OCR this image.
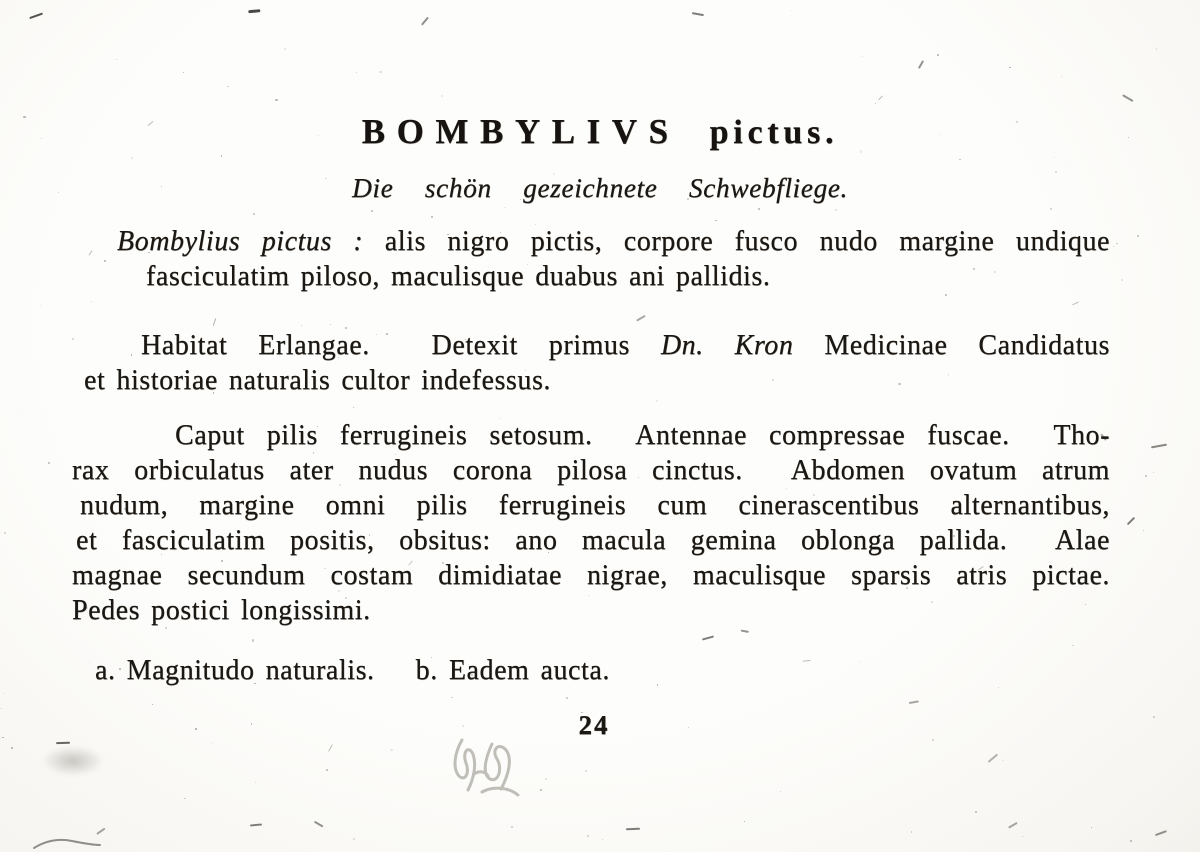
BOMBYLIVS pictus.
Die schön gezeichnete Schwebfliege.
Bombylius pictus : alis nigro pictis, corpore fusco nudo margine undique
fasciculatim piloso, maculisque duabus ani pallidis.
Habitat Erlangae.  Detexit primus Dn. Kron Medicinae Candidatus
et historiae naturalis cultor indefessus.
Caput pilis ferrugineis setosum.  Antennae compressae fuscae.  Tho-
rax orbiculatus ater nudus corona pilosa cinctus.  Abdomen ovatum atrum
nudum, margine omni pilis ferrugineis cum cinerascentibus alternantibus,
et fasciculatim positis, obsitus: ano macula gemina oblonga pallida.  Alae
magnae secundum costam dimidiatae nigrae, maculisque sparsis atris pictae.
Pedes postici longissimi.
a. Magnitudo naturalis. b. Eadem aucta.
24
